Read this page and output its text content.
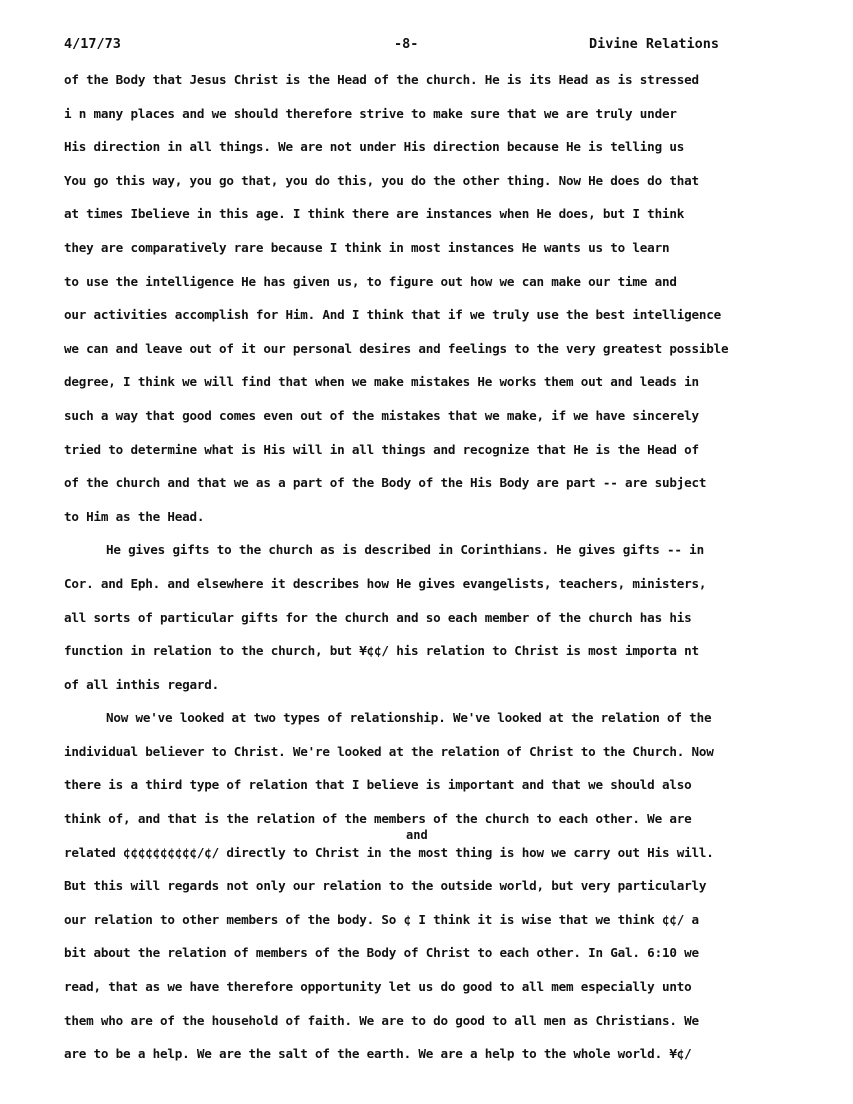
4/17/73	-8-	Divine Relations
of the Body that Jesus Christ is the Head of the church. He is its Head as is stressed
i n many places and we should therefore strive to make sure that we are truly under
His direction in all things. We are not under His direction because He is telling us
You go this way, you go that, you do this, you do the other thing. Now He does do that
at times Ibelieve in this age. I think there are instances when He does, but I think
they are comparatively rare because I think in most instances He wants us to learn
to use the intelligence He has given us, to figure out how we can make our time and
our activities accomplish for Him. And I think that if we truly use the best intelligence
we can and leave out of it our personal desires and feelings to the very greatest possible
degree, I think we will find that when we make mistakes He works them out and leads in
such a way that good comes even out of the mistakes that we make, if we have sincerely
tried to determine what is His will in all things and recognize that He is the Head of
of the church and that we as a part of the Body of the His Body are part -- are subject
to Him as the Head.
He gives gifts to the church as is described in Corinthians. He gives gifts -- in
Cor. and Eph. and elsewhere it describes how He gives evangelists, teachers, ministers,
all sorts of particular gifts for the church and so each member of the church has his
function in relation to the church, but ¥¢¢/ his relation to Christ is most importa nt
of all inthis regard.
Now we've looked at two types of relationship. We've looked at the relation of the
individual believer to Christ. We're looked at the relation of Christ to the Church. Now
there is a third type of relation that I believe is important and that we should also
think of, and that is the relation of the members of the church to each other. We are
related ¢¢¢¢¢¢¢¢¢¢/¢/ directly to Christ in the most thing is how we carry out His will.
But this will regards not only our relation to the outside world, but very particularly
our relation to other members of the body. So ¢ I think it is wise that we think ¢¢/ a
bit about the relation of members of the Body of Christ to each other. In Gal. 6:10 we
read, that as we have therefore opportunity let us do good to all mem especially unto
them who are of the household of faith. We are to do good to all men as Christians. We
are to be a help. We are the salt of the earth. We are a help to the whole world. ¥¢/
and
